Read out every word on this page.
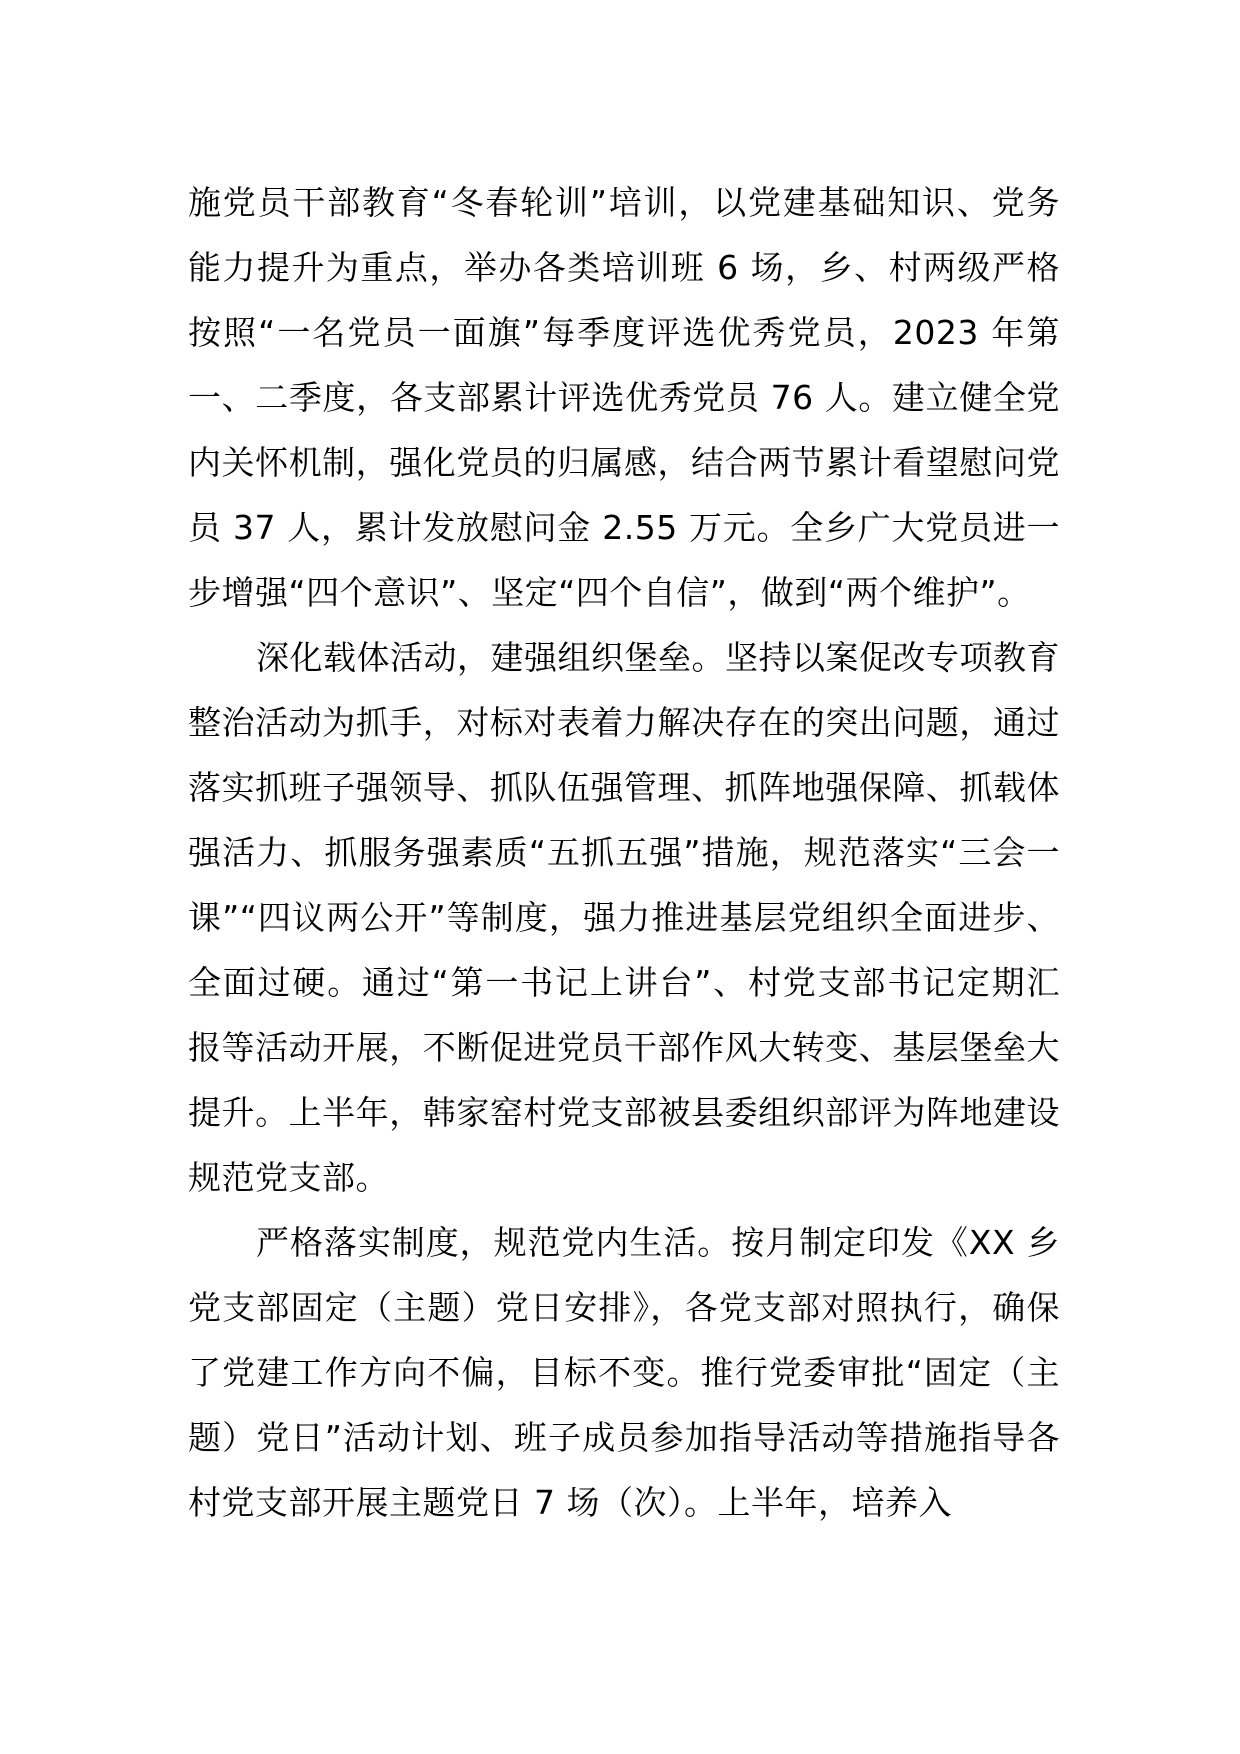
施党员干部教育“冬春轮训”培训，以党建基础知识、党务能力提升为重点，举办各类培训班 6 场，乡、村两级严格按照“一名党员一面旗”每季度评选优秀党员，2023 年第一、二季度，各支部累计评选优秀党员 76 人。建立健全党内关怀机制，强化党员的归属感，结合两节累计看望慰问党员 37 人，累计发放慰问金 2.55 万元。全乡广大党员进一步增强“四个意识”、坚定“四个自信”，做到“两个维护”。

深化载体活动，建强组织堡垒。坚持以案促改专项教育整治活动为抓手，对标对表着力解决存在的突出问题，通过落实抓班子强领导、抓队伍强管理、抓阵地强保障、抓载体强活力、抓服务强素质“五抓五强”措施，规范落实“三会一课”“四议两公开”等制度，强力推进基层党组织全面进步、全面过硬。通过“第一书记上讲台”、村党支部书记定期汇报等活动开展，不断促进党员干部作风大转变、基层堡垒大提升。上半年，韩家窑村党支部被县委组织部评为阵地建设规范党支部。

严格落实制度，规范党内生活。按月制定印发《XX 乡党支部固定（主题）党日安排》，各党支部对照执行，确保了党建工作方向不偏，目标不变。推行党委审批“固定（主题）党日”活动计划、班子成员参加指导活动等措施指导各村党支部开展主题党日 7 场（次）。上半年，培养入
